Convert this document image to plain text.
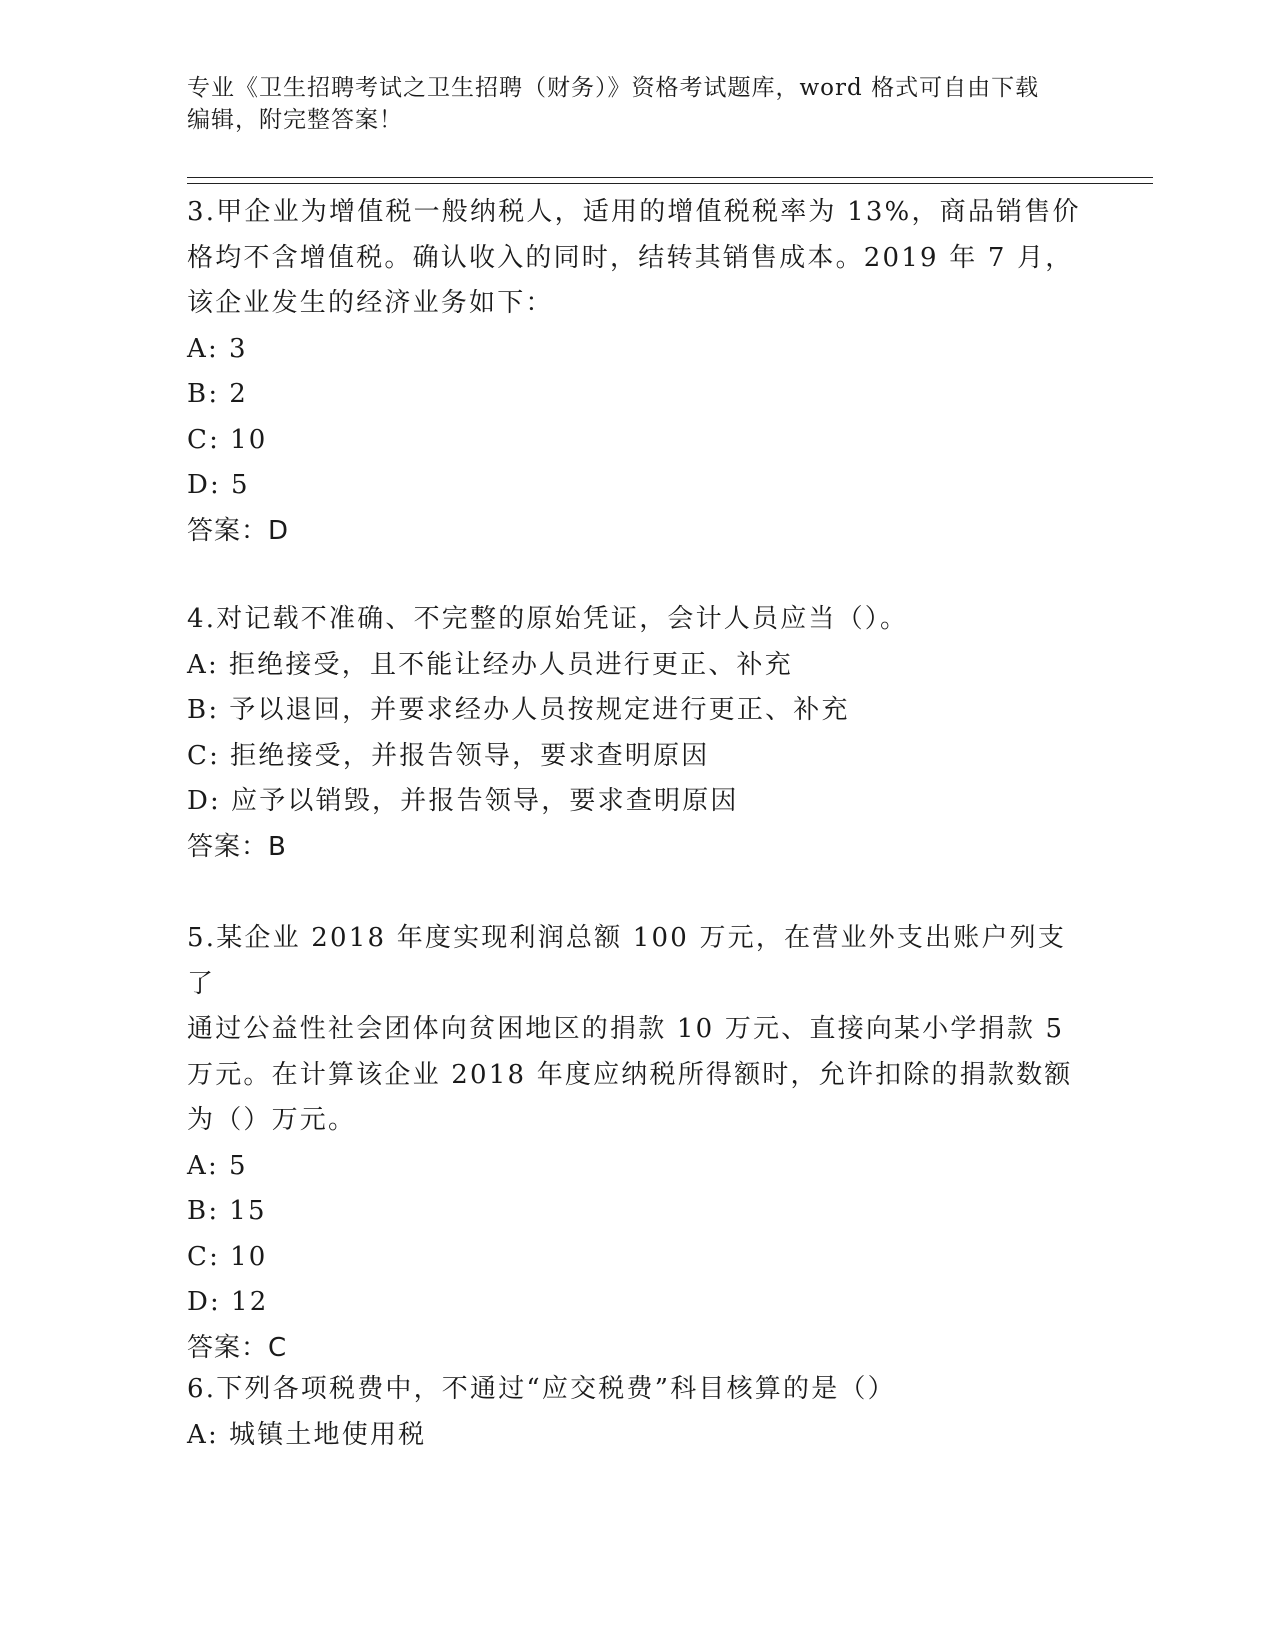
专业《卫生招聘考试之卫生招聘（财务）》资格考试题库，word 格式可自由下载
编辑，附完整答案！
3.甲企业为增值税一般纳税人，适用的增值税税率为 13%，商品销售价
格均不含增值税。确认收入的同时，结转其销售成本。2019 年 7 月，
该企业发生的经济业务如下：
A: 3
B: 2
C: 10
D: 5
答案：D
4.对记载不准确、不完整的原始凭证，会计人员应当（）。
A: 拒绝接受，且不能让经办人员进行更正、补充
B: 予以退回，并要求经办人员按规定进行更正、补充
C: 拒绝接受，并报告领导，要求查明原因
D: 应予以销毁，并报告领导，要求查明原因
答案：B
5.某企业 2018 年度实现利润总额 100 万元，在营业外支出账户列支了
通过公益性社会团体向贫困地区的捐款 10 万元、直接向某小学捐款 5
万元。在计算该企业 2018 年度应纳税所得额时，允许扣除的捐款数额
为（）万元。
A: 5
B: 15
C: 10
D: 12
答案：C
6.下列各项税费中，不通过“应交税费”科目核算的是（）
A: 城镇土地使用税
